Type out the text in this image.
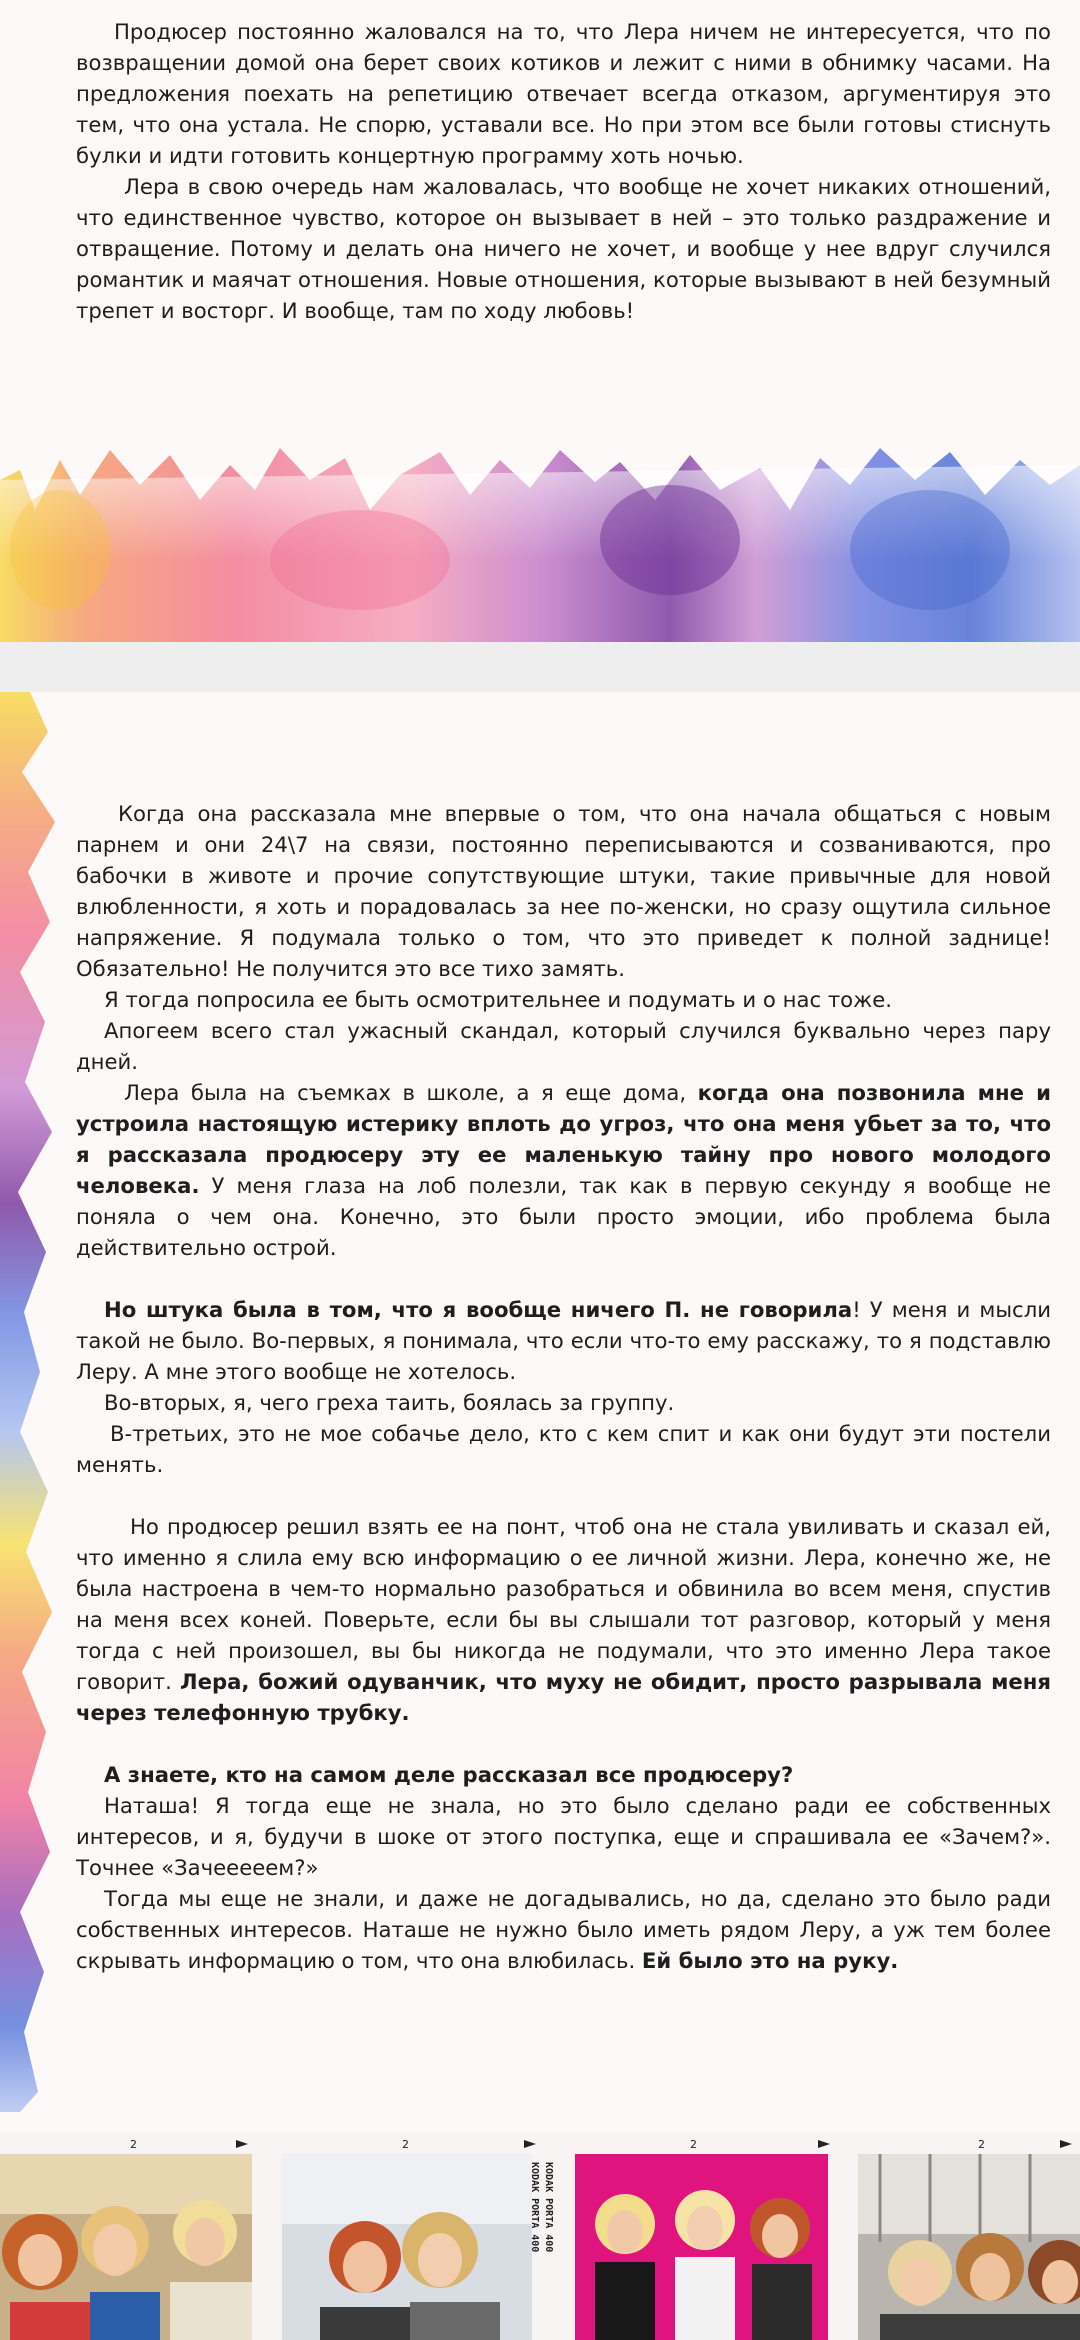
Продюсер постоянно жаловался на то, что Лера ничем не интересуется, что по возвращении домой она берет своих котиков и лежит с ними в обнимку часами. На предложения поехать на репетицию отвечает всегда отказом, аргументируя это тем, что она устала. Не спорю, уставали все. Но при этом все были готовы стиснуть булки и идти готовить концертную программу хоть ночью.

Лера в свою очередь нам жаловалась, что вообще не хочет никаких отношений, что единственное чувство, которое он вызывает в ней – это только раздражение и отвращение. Потому и делать она ничего не хочет, и вообще у нее вдруг случился романтик и маячат отношения. Новые отношения, которые вызывают в ней безумный трепет и восторг. И вообще, там по ходу любовь!

Когда она рассказала мне впервые о том, что она начала общаться с новым парнем и они 24\7 на связи, постоянно переписываются и созваниваются, про бабочки в животе и прочие сопутствующие штуки, такие привычные для новой влюбленности, я хоть и порадовалась за нее по-женски, но сразу ощутила сильное напряжение. Я подумала только о том, что это приведет к полной заднице! Обязательно! Не получится это все тихо замять.

Я тогда попросила ее быть осмотрительнее и подумать и о нас тоже.

Апогеем всего стал ужасный скандал, который случился буквально через пару дней.

Лера была на съемках в школе, а я еще дома, когда она позвонила мне и устроила настоящую истерику вплоть до угроз, что она меня убьет за то, что я рассказала продюсеру эту ее маленькую тайну про нового молодого человека. У меня глаза на лоб полезли, так как в первую секунду я вообще не поняла о чем она. Конечно, это были просто эмоции, ибо проблема была действительно острой.

Но штука была в том, что я вообще ничего П. не говорила! У меня и мысли такой не было. Во-первых, я понимала, что если что-то ему расскажу, то я подставлю Леру. А мне этого вообще не хотелось.

Во-вторых, я, чего греха таить, боялась за группу.

В-третьих, это не мое собачье дело, кто с кем спит и как они будут эти постели менять.

Но продюсер решил взять ее на понт, чтоб она не стала увиливать и сказал ей, что именно я слила ему всю информацию о ее личной жизни. Лера, конечно же, не была настроена в чем-то нормально разобраться и обвинила во всем меня, спустив на меня всех коней. Поверьте, если бы вы слышали тот разговор, который у меня тогда с ней произошел, вы бы никогда не подумали, что это именно Лера такое говорит. Лера, божий одуванчик, что муху не обидит, просто разрывала меня через телефонную трубку.

А знаете, кто на самом деле рассказал все продюсеру?

Наташа! Я тогда еще не знала, но это было сделано ради ее собственных интересов, и я, будучи в шоке от этого поступка, еще и спрашивала ее «Зачем?». Точнее «Зачееееем?»

Тогда мы еще не знали, и даже не догадывались, но да, сделано это было ради собственных интересов. Наташе не нужно было иметь рядом Леру, а уж тем более скрывать информацию о том, что она влюбилась. Ей было это на руку.

2	2	2	2
KODAK PORTA 400
KODAK PORTA 400
